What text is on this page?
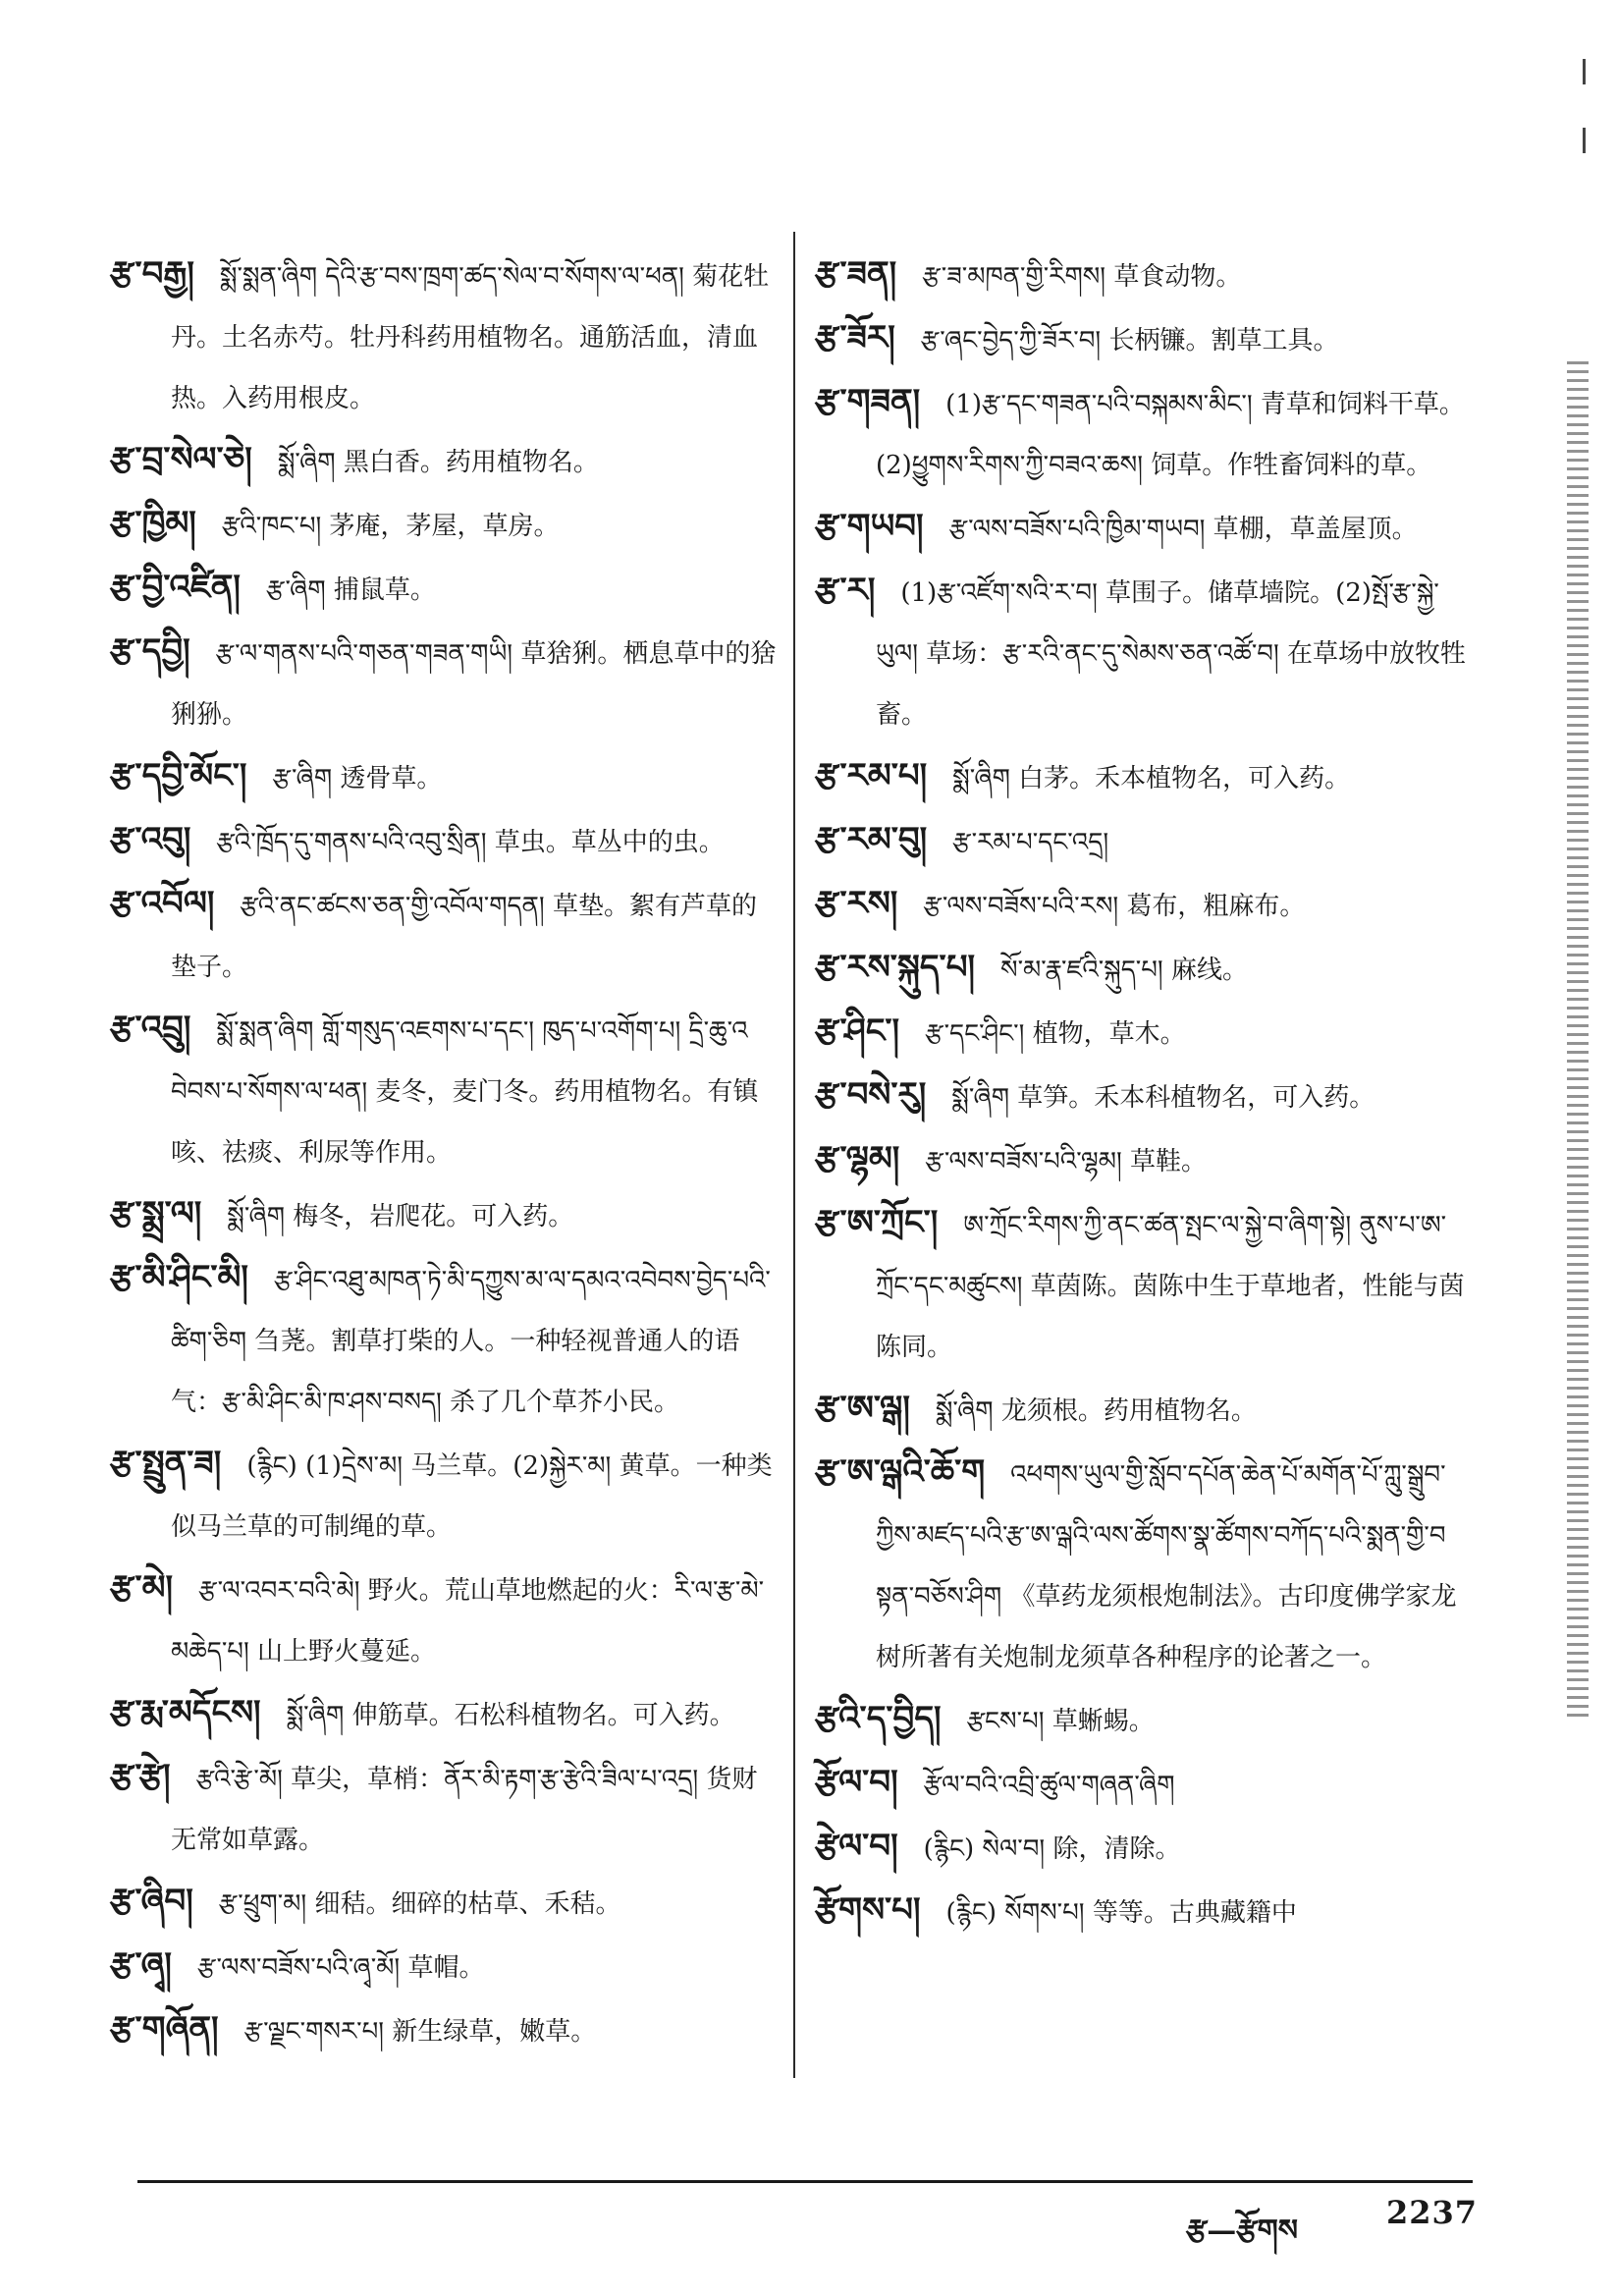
རྩ་བརྒྱ། སྨོ་སྨན་ཞིག དེའི་རྩ་བས་ཁྲག་ཚད་སེལ་བ་སོགས་ལ་ཕན། 菊花牡丹。土名赤芍。牡丹科药用植物名。通筋活血，清血热。入药用根皮。

རྩ་བྲ་སེལ་ཅེ། སྨོ་ཞིག 黑白香。药用植物名。

རྩ་ཁྱིམ། རྩའི་ཁང་པ། 茅庵，茅屋，草房。

རྩ་བྱི་འཛིན། རྩ་ཞིག 捕鼠草。

རྩ་དབྱི། རྩ་ལ་གནས་པའི་གཅན་གཟན་གཡི། 草猞猁。栖息草中的猞猁狲。

རྩ་དབྱི་མོང་། རྩ་ཞིག 透骨草。

རྩ་འབུ། རྩའི་ཁྲོད་དུ་གནས་པའི་འབུ་སྲིན། 草虫。草丛中的虫。

རྩ་འབོལ། རྩའི་ནང་ཚངས་ཅན་གྱི་འབོལ་གདན། 草垫。絮有芦草的垫子。

རྩ་འབྲུ། སྨོ་སྨན་ཞིག གློ་གསུད་འཇགས་པ་དང་། ཁུད་པ་འགོག་པ། དྲི་ཆུ་འབེབས་པ་སོགས་ལ་ཕན། 麦冬，麦门冬。药用植物名。有镇咳、祛痰、利尿等作用。

རྩ་སྨྲ་ལ། སྨོ་ཞིག 梅冬，岩爬花。可入药。

རྩ་མི་ཤིང་མི། རྩ་ཤིང་འཐུ་མཁན་ཏེ་མི་དཀྱུས་མ་ལ་དམའ་འབེབས་བྱེད་པའི་ཚིག་ཅིག 刍荛。割草打柴的人。一种轻视普通人的语气：རྩ་མི་ཤིང་མི་ཁ་ཤས་བསད། 杀了几个草芥小民。

རྩ་སྤྲུན་ཟ། (རྙིང) (1)དྲེས་མ། 马兰草。(2)སྐྱེར་མ། 黄草。一种类似马兰草的可制绳的草。

རྩ་མེ། རྩ་ལ་འབར་བའི་མེ། 野火。荒山草地燃起的火：རི་ལ་རྩ་མེ་མཆེད་པ། 山上野火蔓延。

རྩ་རྨ་མདོངས། སྨོ་ཞིག 伸筋草。石松科植物名。可入药。

རྩ་རྩེ། རྩའི་རྩེ་མོ། 草尖，草梢：ནོར་མི་རྟག་རྩ་རྩེའི་ཟིལ་པ་འདྲ། 货财无常如草露。

རྩ་ཞིབ། རྩ་ཕྲུག་མ། 细秸。细碎的枯草、禾秸。

རྩ་ཞྭ། རྩ་ལས་བཟོས་པའི་ཞྭ་མོ། 草帽。

རྩ་གཞོན། རྩ་ལྗང་གསར་པ། 新生绿草，嫩草。

རྩ་ཟན། རྩ་ཟ་མཁན་གྱི་རིགས། 草食动物。

རྩ་ཟོར། རྩ་ཞང་བྱེད་ཀྱི་ཟོར་བ། 长柄镰。割草工具。

རྩ་གཟན། (1)རྩ་དང་གཟན་པའི་བསྐམས་མིང་། 青草和饲料干草。(2)ཕྱུགས་རིགས་ཀྱི་བཟའ་ཆས། 饲草。作牲畜饲料的草。

རྩ་གཡབ། རྩ་ལས་བཟོས་པའི་ཁྱིམ་གཡབ། 草棚，草盖屋顶。

རྩ་ར། (1)རྩ་འཛོག་སའི་ར་བ། 草围子。储草墙院。(2)སྤོ་རྩ་སྐྱེ་ཡུལ། 草场：རྩ་རའི་ནང་དུ་སེམས་ཅན་འཚོ་བ། 在草场中放牧牲畜。

རྩ་རམ་པ། སྨོ་ཞིག 白茅。禾本植物名，可入药。

རྩ་རམ་བུ། རྩ་རམ་པ་དང་འདྲ།

རྩ་རས། རྩ་ལས་བཟོས་པའི་རས། 葛布，粗麻布。

རྩ་རས་སྐུད་པ། སོ་མ་རྣ་ཛའི་སྐུད་པ། 麻线。

རྩ་ཤིང་། རྩ་དང་ཤིང་། 植物，草木。

རྩ་བསེ་རུ། སྨོ་ཞིག 草笋。禾本科植物名，可入药。

རྩ་ལྷམ། རྩ་ལས་བཟོས་པའི་ལྷམ། 草鞋。

རྩ་ཨ་ཀྲོང་། ཨ་ཀྲོང་རིགས་ཀྱི་ནང་ཚན་སྤང་ལ་སྐྱེ་བ་ཞིག་སྟེ། ནུས་པ་ཨ་ཀྲོང་དང་མཚུངས། 草茵陈。茵陈中生于草地者，性能与茵陈同。

རྩ་ཨ་ལྒ། སྨོ་ཞིག 龙须根。药用植物名。

རྩ་ཨ་ལྒའི་ཆོ་ག འཕགས་ཡུལ་གྱི་སློབ་དཔོན་ཆེན་པོ་མགོན་པོ་ཀླུ་སྒྲུབ་ཀྱིས་མཛད་པའི་རྩ་ཨ་ལྒའི་ལས་ཚོགས་སྣ་ཚོགས་བཀོད་པའི་སྨན་གྱི་བསྟན་བཅོས་ཤིག 《草药龙须根炮制法》。古印度佛学家龙树所著有关炮制龙须草各种程序的论著之一。

རྩའི་ད་བྱིད། རྩངས་པ། 草蜥蜴。

རྩོལ་བ། རྩོལ་བའི་འབྲི་ཚུལ་གཞན་ཞིག

རྩེལ་བ། (རྙིང) སེལ་བ། 除，清除。

རྩོགས་པ། (རྙིང) སོགས་པ། 等等。古典藏籍中

རྩ—རྩོགས	2237
